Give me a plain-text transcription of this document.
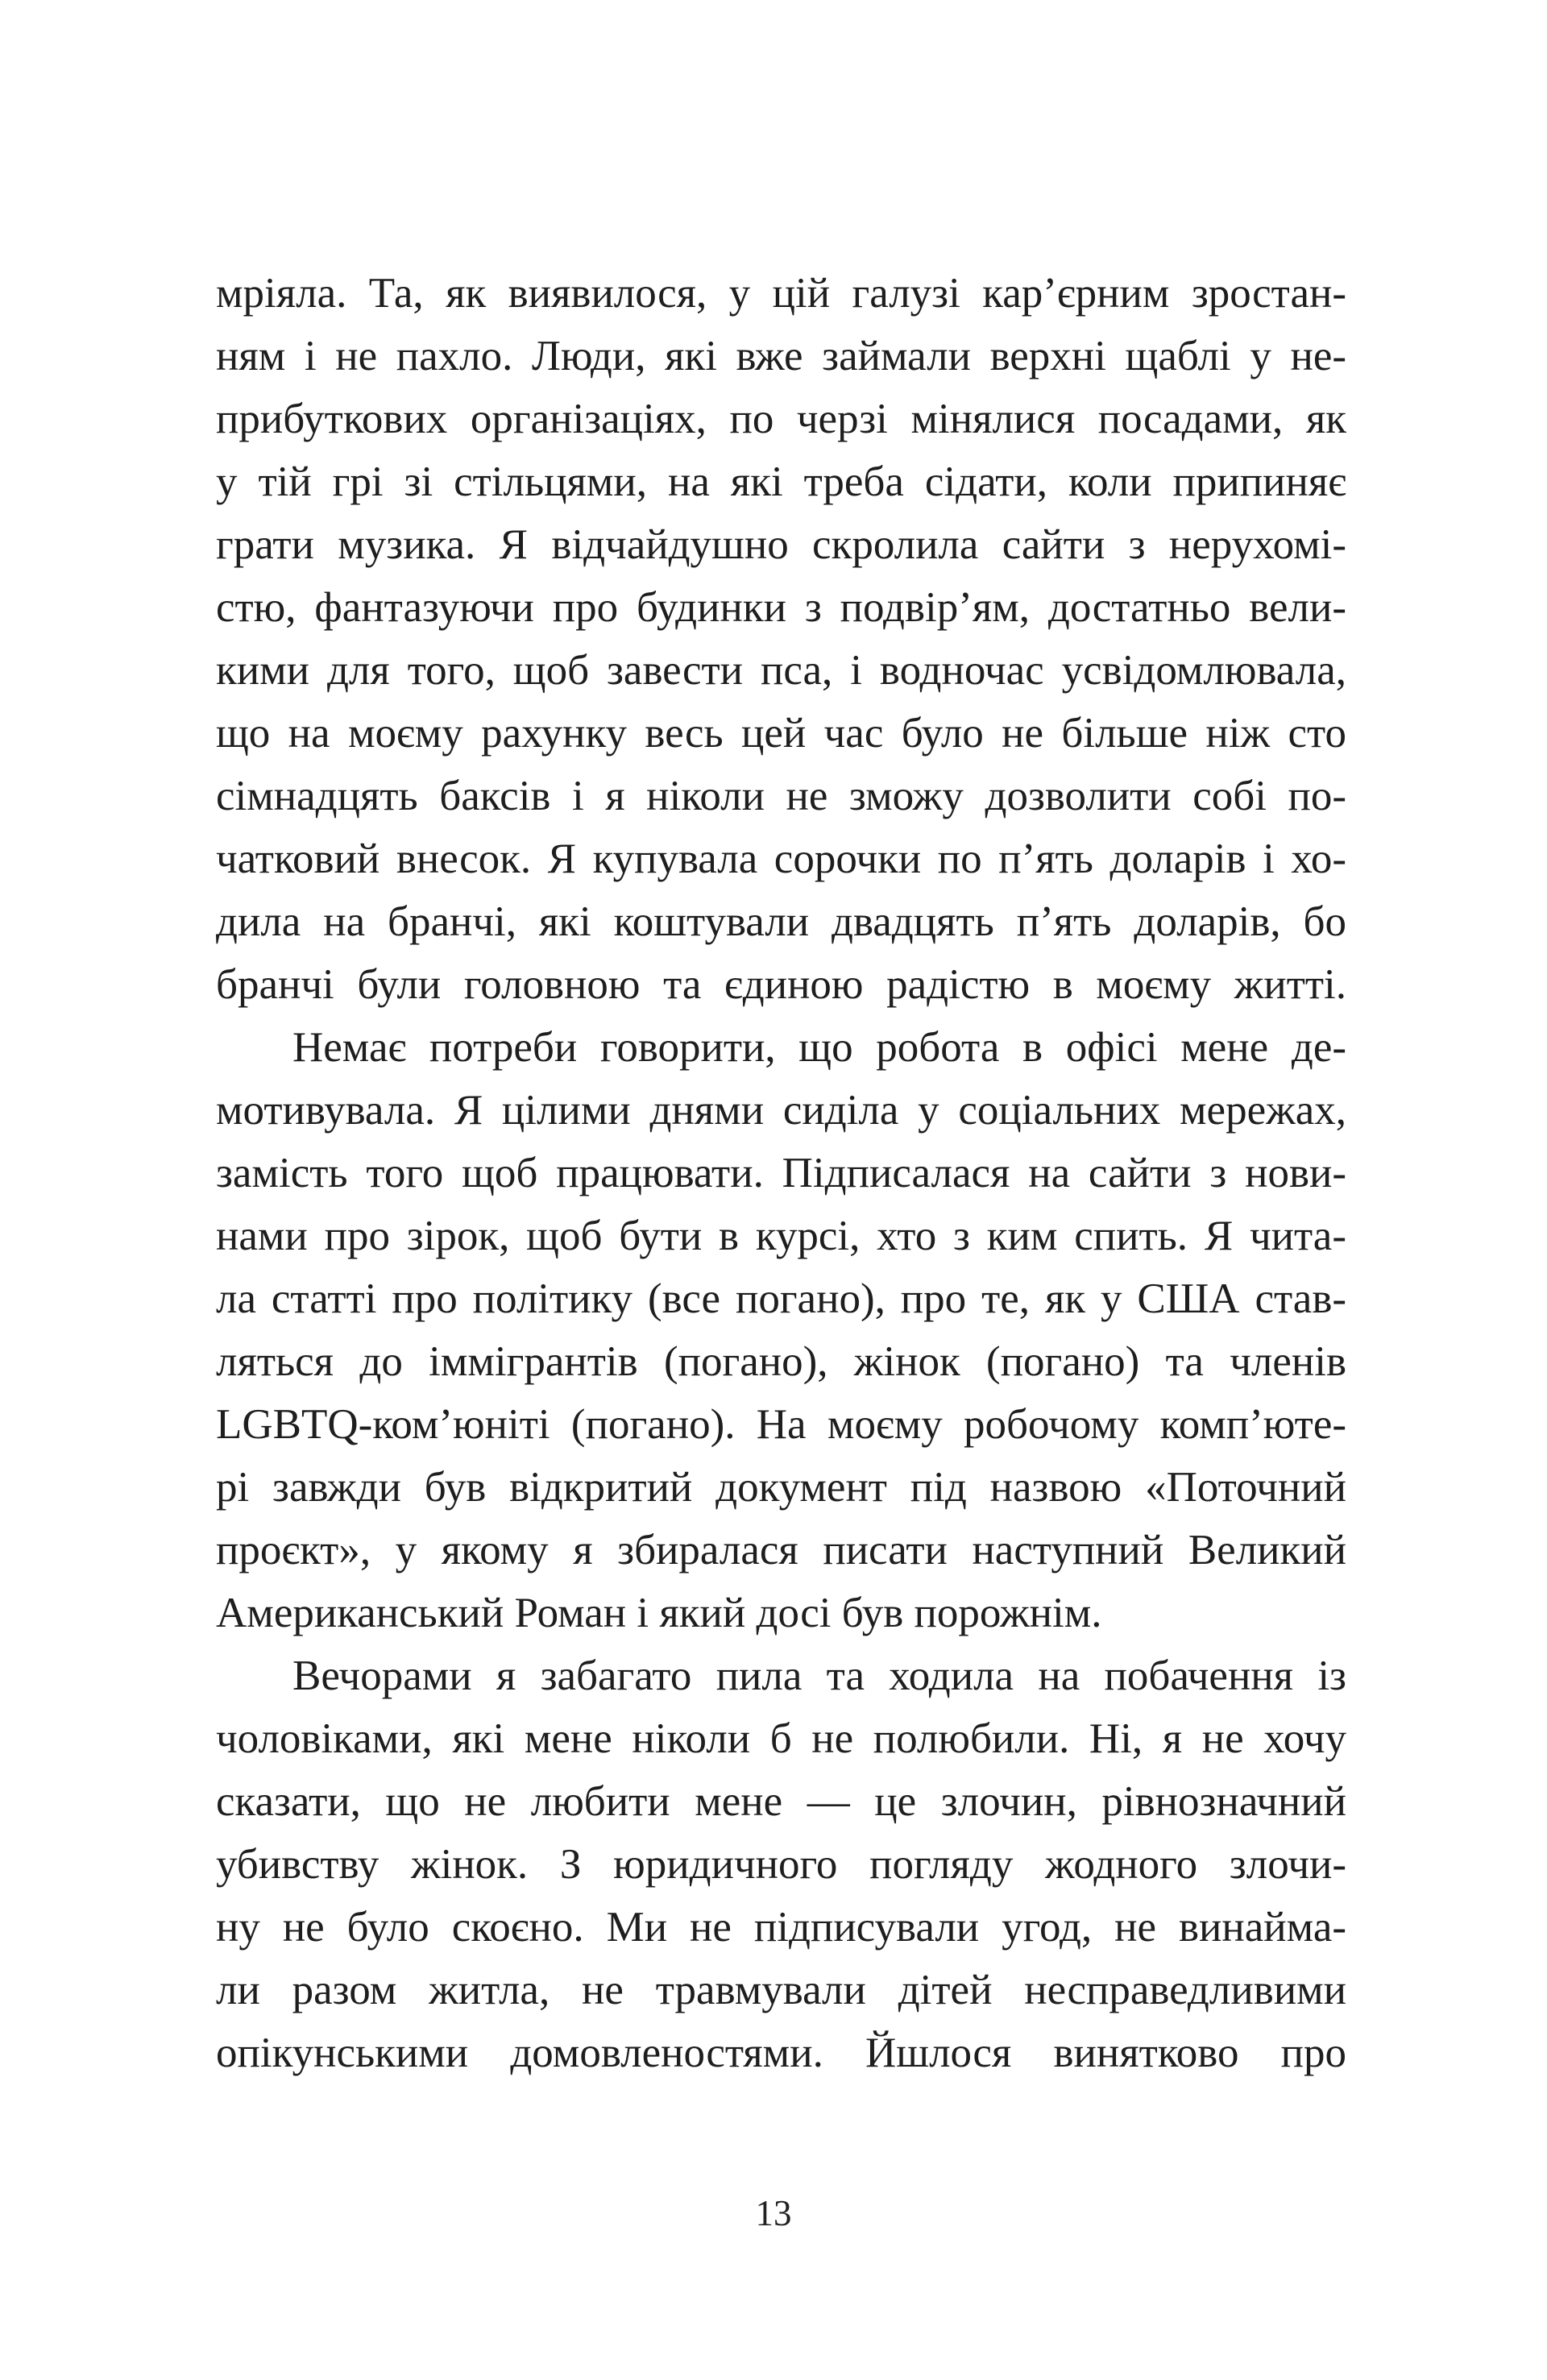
мріяла. Та, як виявилося, у цій галузі кар’єрним зростан-
ням і не пахло. Люди, які вже займали верхні щаблі у не-
прибуткових організаціях, по черзі мінялися посадами, як
у тій грі зі стільцями, на які треба сідати, коли припиняє
грати музика. Я відчайдушно скролила сайти з нерухомі-
стю, фантазуючи про будинки з подвір’ям, достатньо вели-
кими для того, щоб завести пса, і водночас усвідомлювала,
що на моєму рахунку весь цей час було не більше ніж сто
сімнадцять баксів і я ніколи не зможу дозволити собі по-
чатковий внесок. Я купувала сорочки по п’ять доларів і хо-
дила на бранчі, які коштували двадцять п’ять доларів, бо
бранчі були головною та єдиною радістю в моєму житті.
Немає потреби говорити, що робота в офісі мене де-
мотивувала. Я цілими днями сиділа у соціальних мережах,
замість того щоб працювати. Підписалася на сайти з нови-
нами про зірок, щоб бути в курсі, хто з ким спить. Я чита-
ла статті про політику (все погано), про те, як у США став-
ляться до іммігрантів (погано), жінок (погано) та членів
LGBTQ-ком’юніті (погано). На моєму робочому комп’юте-
рі завжди був відкритий документ під назвою «Поточний
проєкт», у якому я збиралася писати наступний Великий
Американський Роман і який досі був порожнім.
Вечорами я забагато пила та ходила на побачення із
чоловіками, які мене ніколи б не полюбили. Ні, я не хочу
сказати, що не любити мене — це злочин, рівнозначний
убивству жінок. З юридичного погляду жодного злочи-
ну не було скоєно. Ми не підписували угод, не винайма-
ли разом житла, не травмували дітей несправедливими
опікунськими домовленостями. Йшлося винятково про
13
